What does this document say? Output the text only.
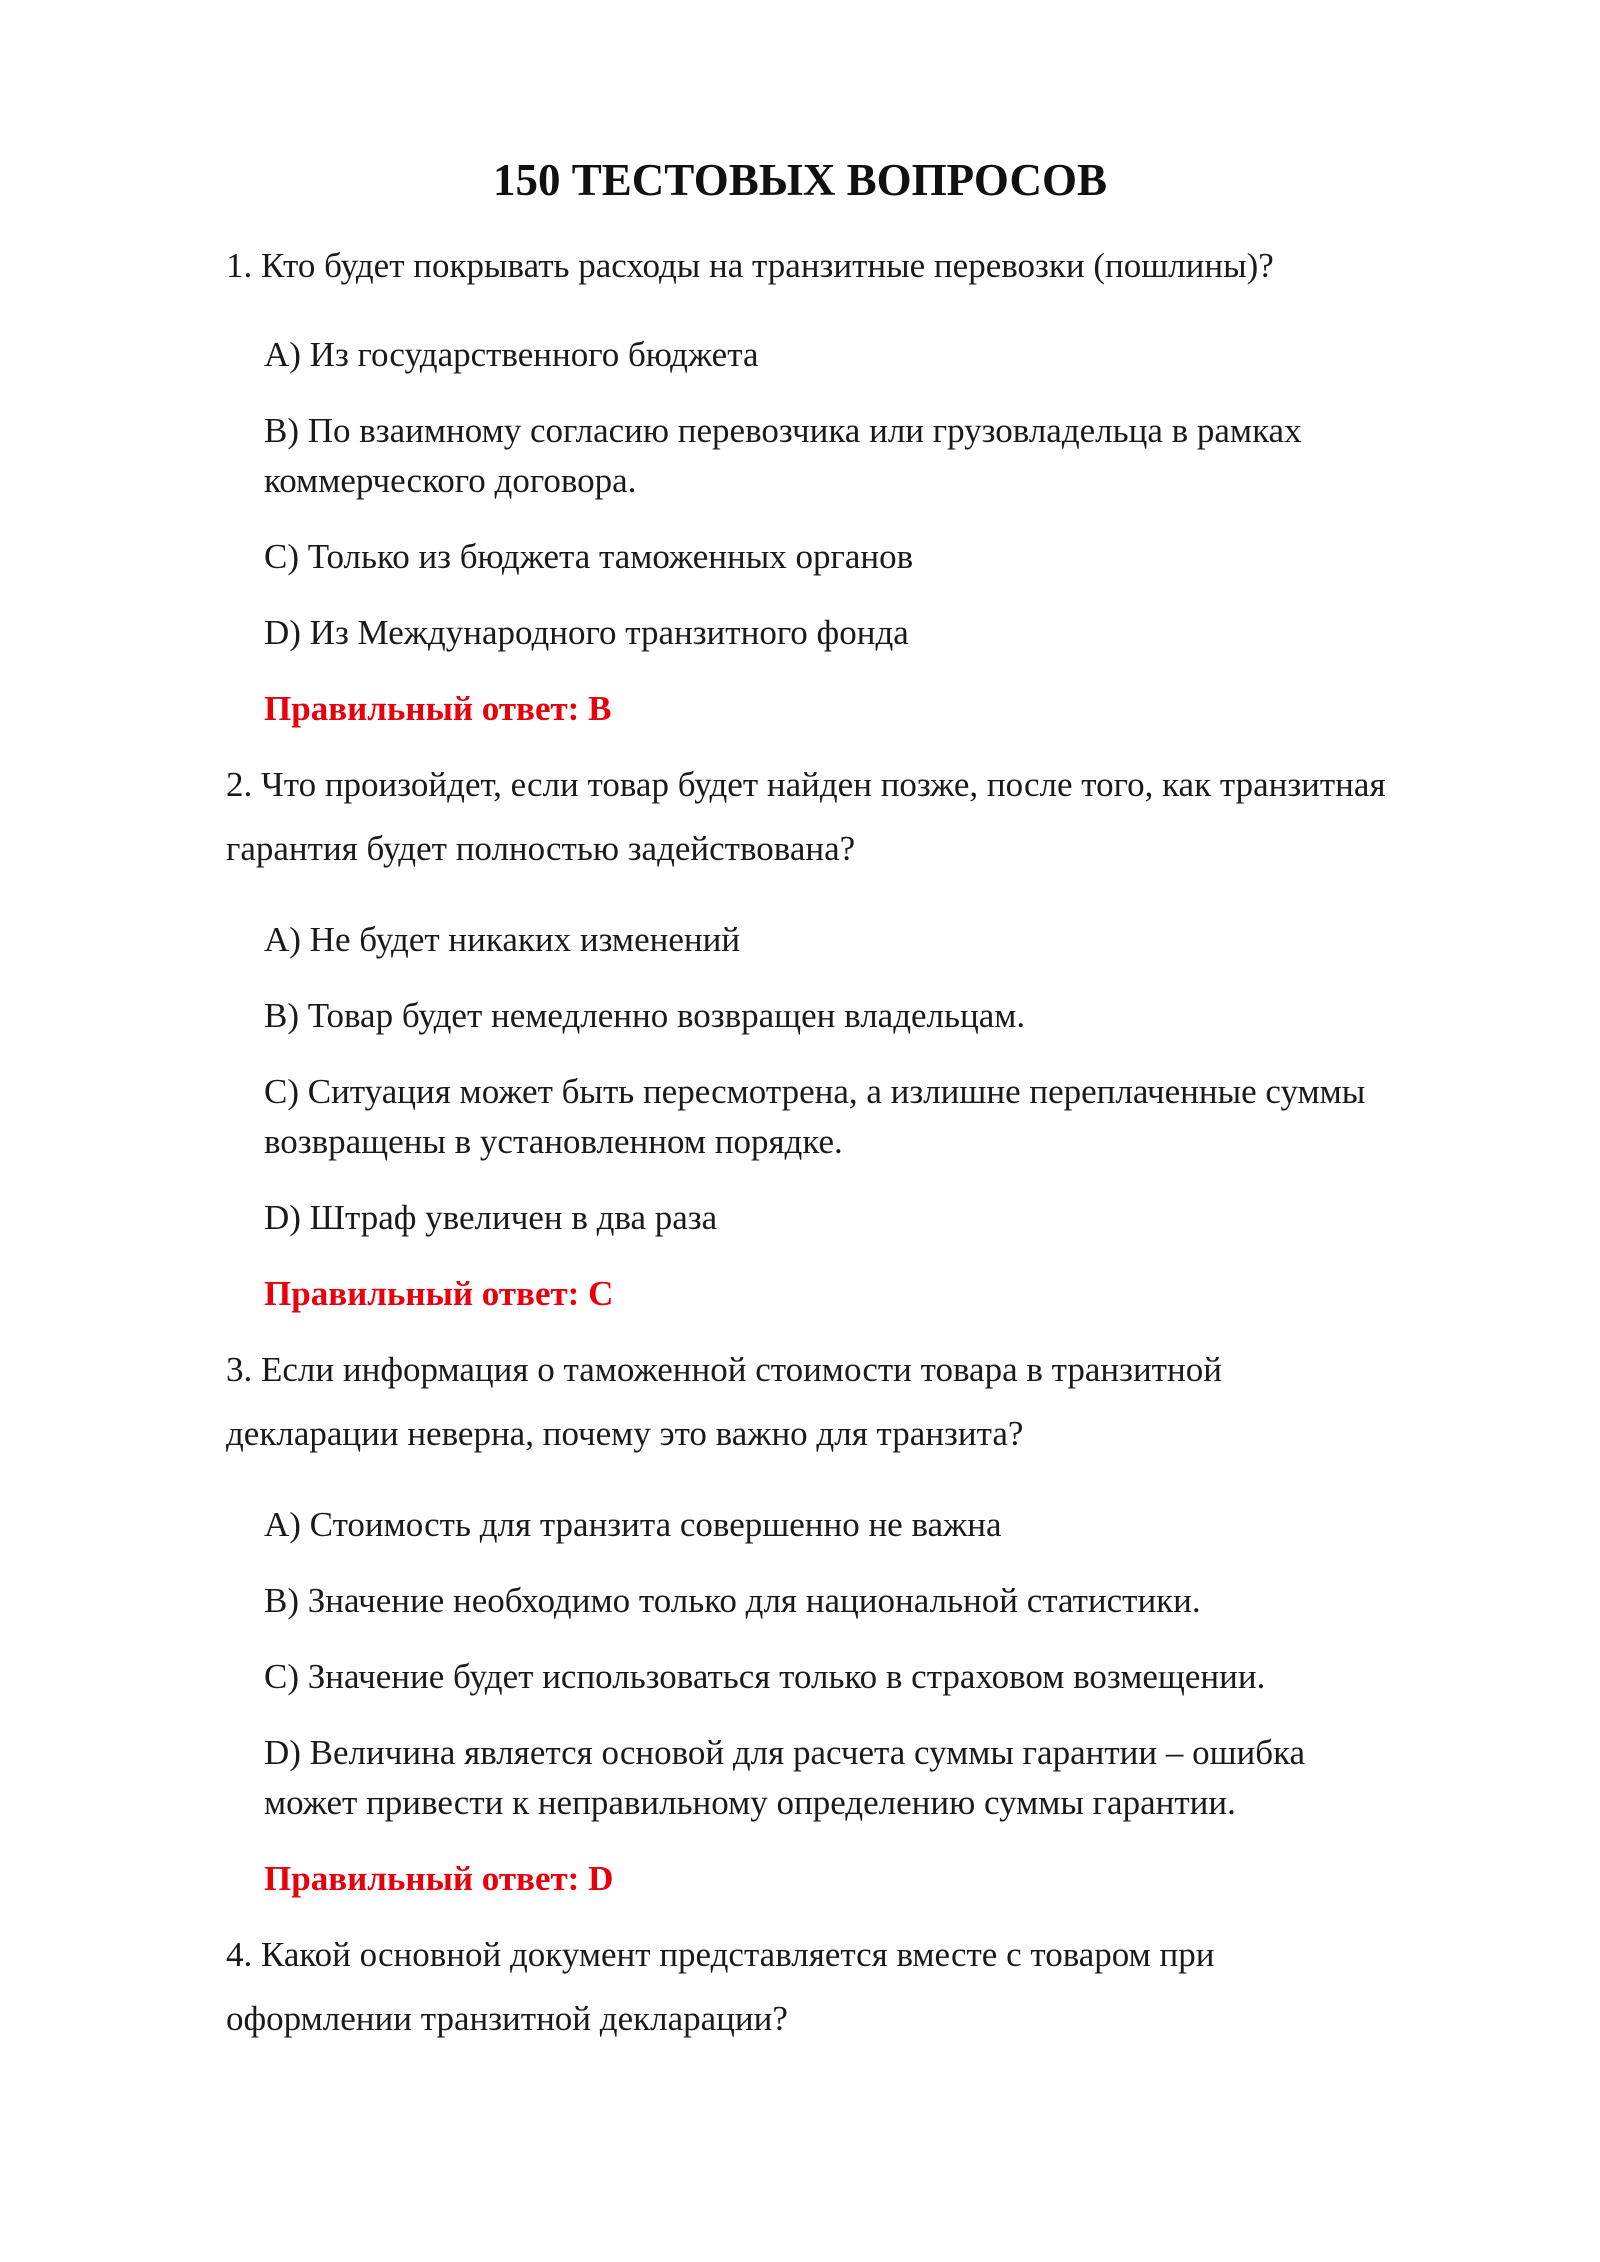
150 ТЕСТОВЫХ ВОПРОСОВ
1. Кто будет покрывать расходы на транзитные перевозки (пошлины)?
A) Из государственного бюджета
B) По взаимному согласию перевозчика или грузовладельца в рамках
коммерческого договора.
C) Только из бюджета таможенных органов
D) Из Международного транзитного фонда
Правильный ответ: B
2. Что произойдет, если товар будет найден позже, после того, как транзитная
гарантия будет полностью задействована?
A) Не будет никаких изменений
B) Товар будет немедленно возвращен владельцам.
C) Ситуация может быть пересмотрена, а излишне переплаченные суммы
возвращены в установленном порядке.
D) Штраф увеличен в два раза
Правильный ответ: C
3. Если информация о таможенной стоимости товара в транзитной
декларации неверна, почему это важно для транзита?
A) Стоимость для транзита совершенно не важна
B) Значение необходимо только для национальной статистики.
C) Значение будет использоваться только в страховом возмещении.
D) Величина является основой для расчета суммы гарантии – ошибка
может привести к неправильному определению суммы гарантии.
Правильный ответ: D
4. Какой основной документ представляется вместе с товаром при
оформлении транзитной декларации?
